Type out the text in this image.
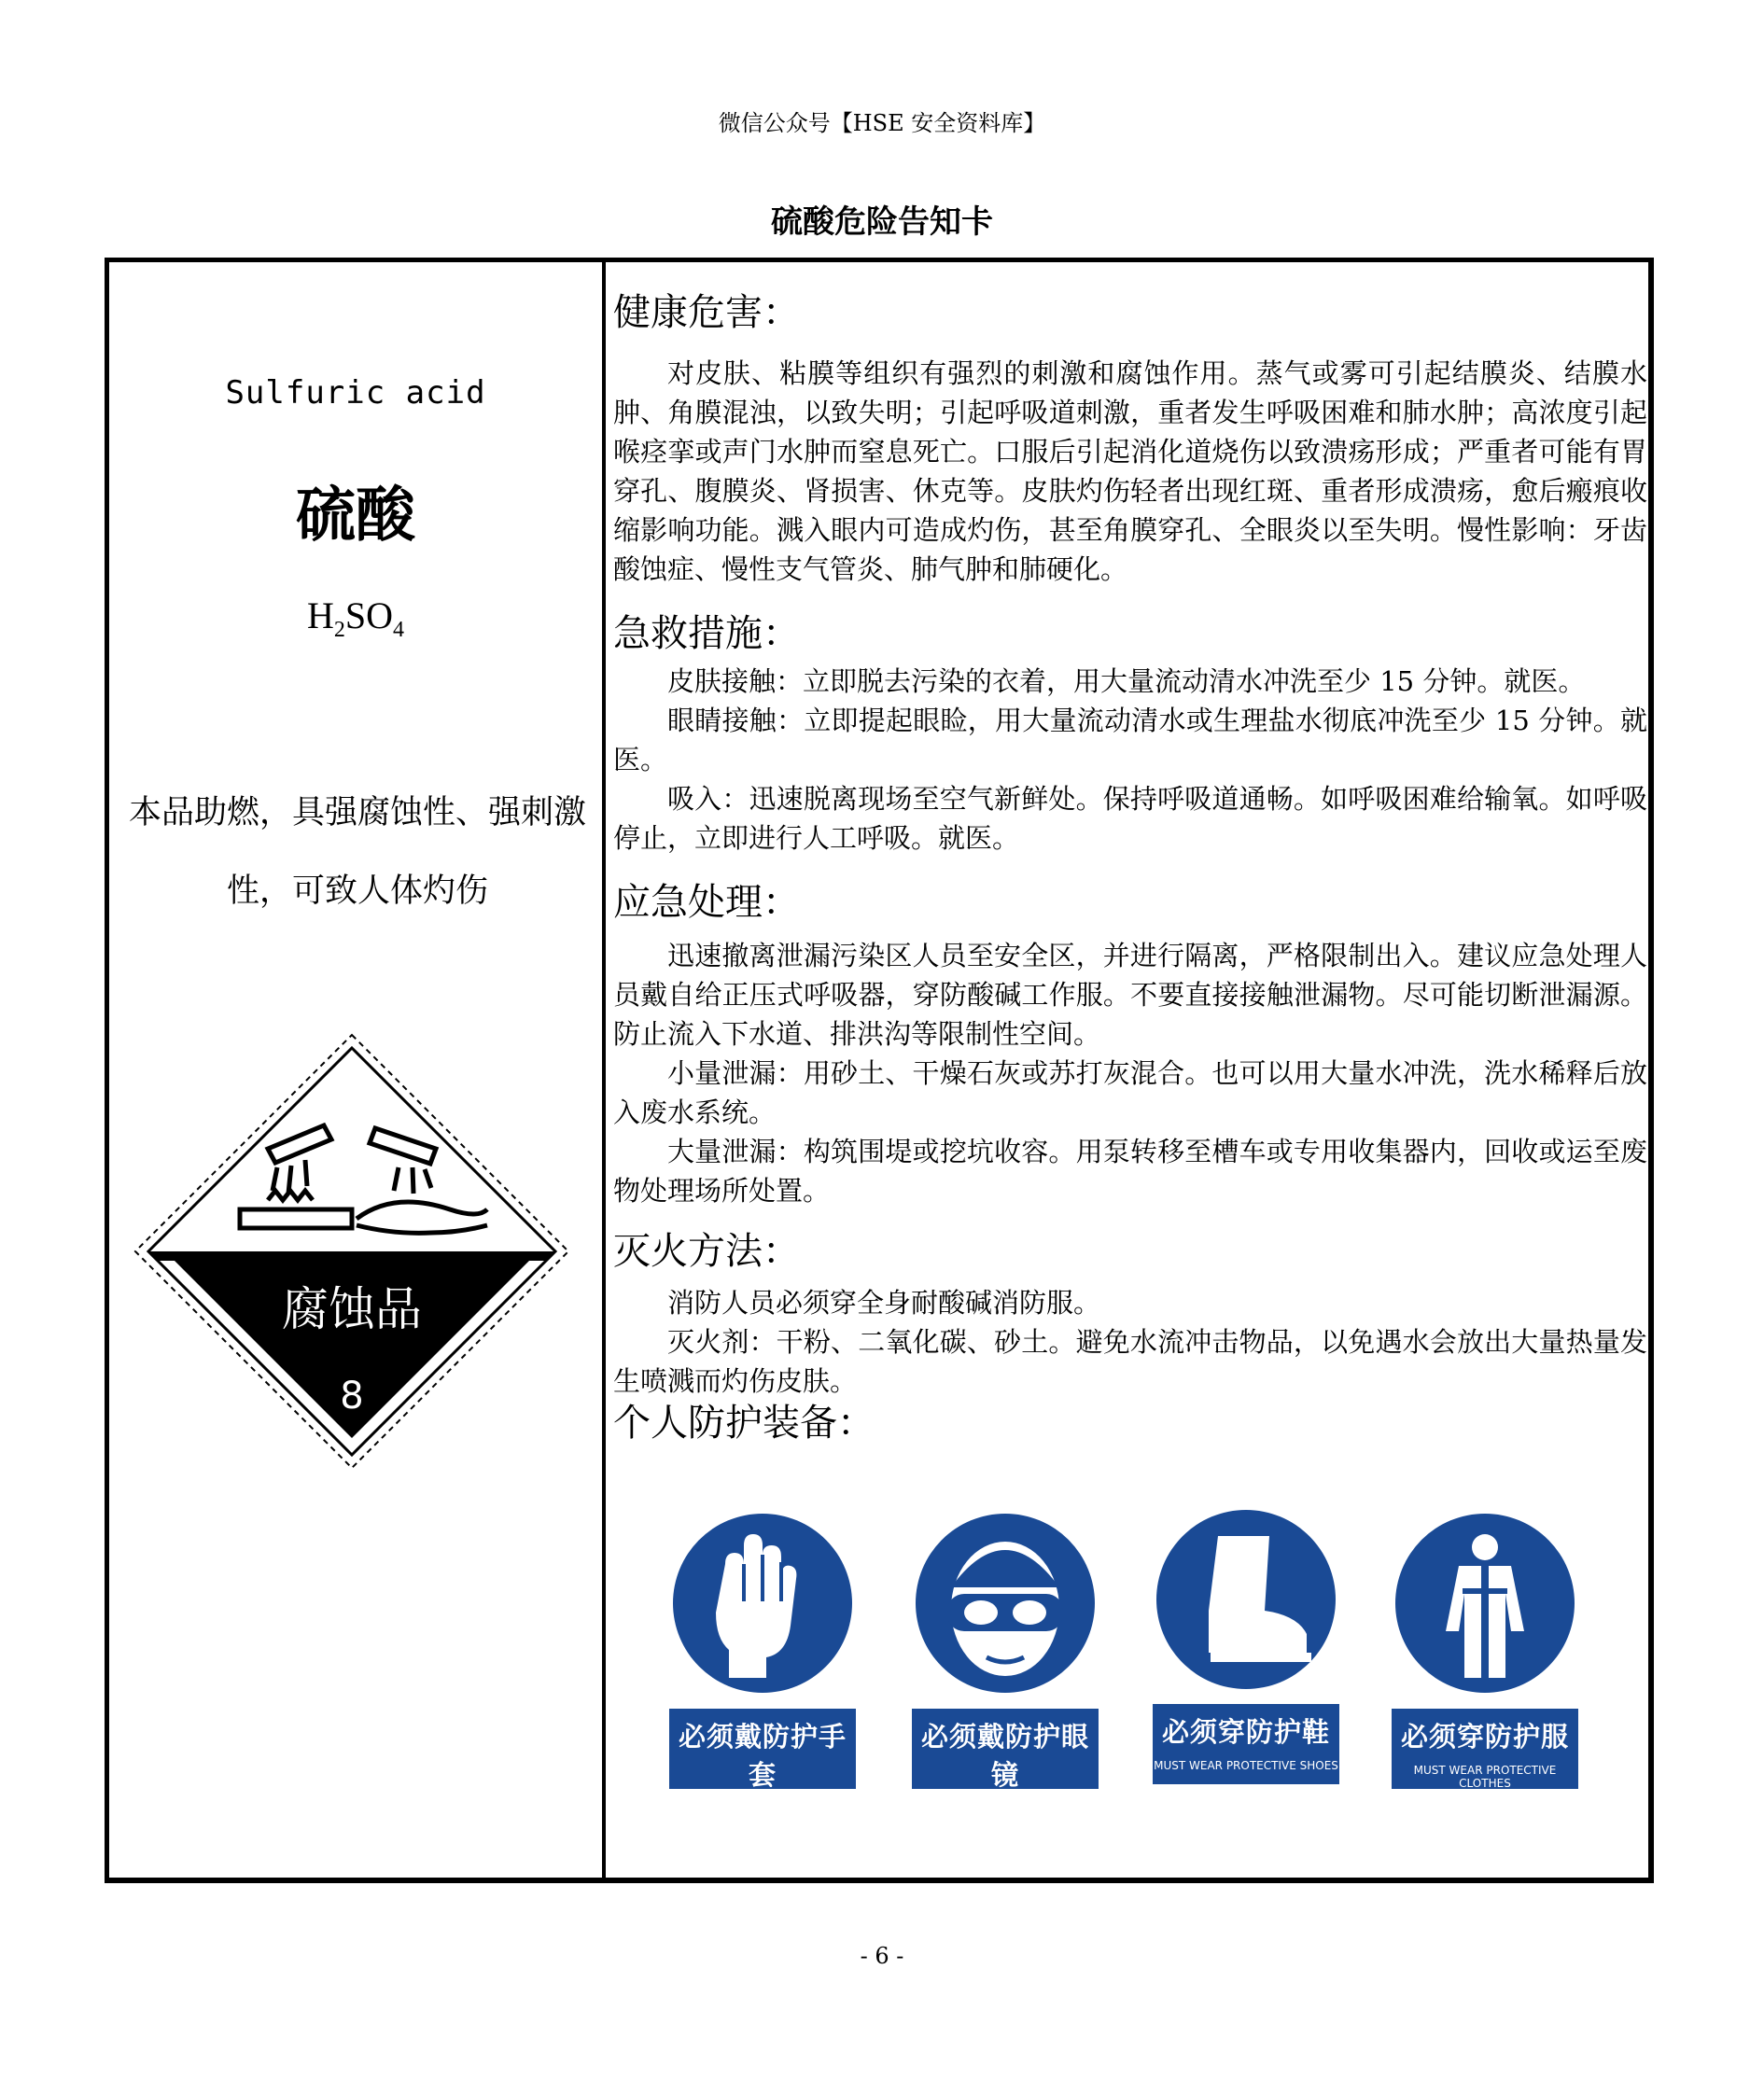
微信公众号【HSE 安全资料库】
硫酸危险告知卡
Sulfuric acid
硫酸
$H_2SO_4$
本品助燃，具强腐蚀性、强刺激
性，可致人体灼伤
腐蚀品
8
健康危害：

对皮肤、粘膜等组织有强烈的刺激和腐蚀作用。蒸气或雾可引起结膜炎、结膜水肿、角膜混浊，以致失明；引起呼吸道刺激，重者发生呼吸困难和肺水肿；高浓度引起喉痉挛或声门水肿而窒息死亡。口服后引起消化道烧伤以致溃疡形成；严重者可能有胃穿孔、腹膜炎、肾损害、休克等。皮肤灼伤轻者出现红斑、重者形成溃疡，愈后瘢痕收缩影响功能。溅入眼内可造成灼伤，甚至角膜穿孔、全眼炎以至失明。慢性影响：牙齿酸蚀症、慢性支气管炎、肺气肿和肺硬化。

急救措施：

皮肤接触：立即脱去污染的衣着，用大量流动清水冲洗至少 15 分钟。就医。

眼睛接触：立即提起眼睑，用大量流动清水或生理盐水彻底冲洗至少 15 分钟。就医。

吸入：迅速脱离现场至空气新鲜处。保持呼吸道通畅。如呼吸困难给输氧。如呼吸停止，立即进行人工呼吸。就医。

应急处理：

迅速撤离泄漏污染区人员至安全区，并进行隔离，严格限制出入。建议应急处理人员戴自给正压式呼吸器，穿防酸碱工作服。不要直接接触泄漏物。尽可能切断泄漏源。防止流入下水道、排洪沟等限制性空间。

小量泄漏：用砂土、干燥石灰或苏打灰混合。也可以用大量水冲洗，洗水稀释后放入废水系统。

大量泄漏：构筑围堤或挖坑收容。用泵转移至槽车或专用收集器内，回收或运至废物处理场所处置。

灭火方法：

消防人员必须穿全身耐酸碱消防服。

灭火剂：干粉、二氧化碳、砂土。避免水流冲击物品，以免遇水会放出大量热量发生喷溅而灼伤皮肤。

个人防护装备：
必须戴防护手套
MUST WEAR PROTECTIVE GLOVES
必须戴防护眼镜
MUST WEAR PROTECTIVE GOGGLES
必须穿防护鞋
MUST WEAR PROTECTIVE SHOES
必须穿防护服
MUST WEAR PROTECTIVE CLOTHES
- 6 -
